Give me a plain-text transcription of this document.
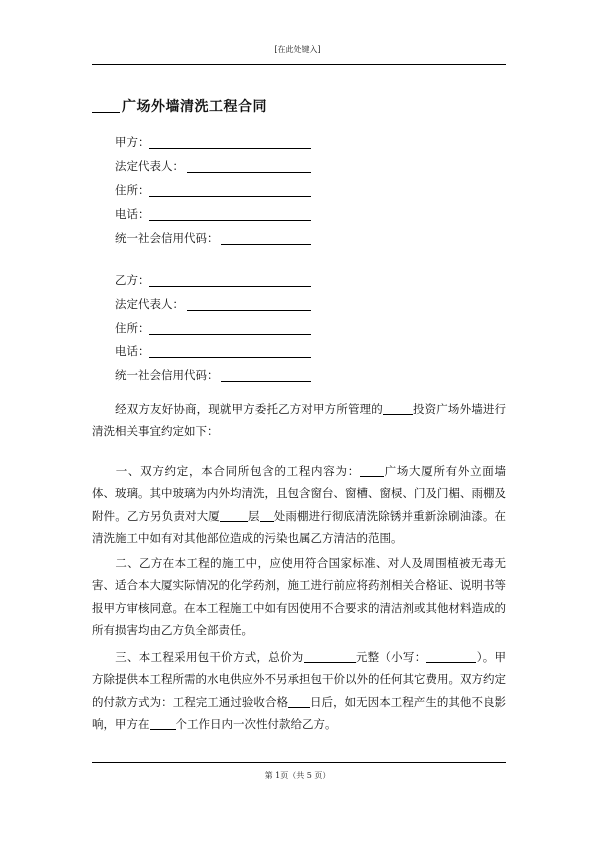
[在此处键入]
广场外墙清洗工程合同
甲方：
法定代表人：
住所：
电话：
统一社会信用代码：
乙方：
法定代表人：
住所：
电话：
统一社会信用代码：
经双方友好协商，现就甲方委托乙方对甲方所管理的	投资广场外墙进行清洗相关事宜约定如下：
一、双方约定，本合同所包含的工程内容为： 广场大厦所有外立面墙体、玻璃。其中玻璃为内外均清洗，且包含窗台、窗槽、窗棂、门及门楣、雨棚及附件。乙方另负责对大厦 层 处雨棚进行彻底清洗除锈并重新涂刷油漆。在清洗施工中如有对其他部位造成的污染也属乙方清洁的范围。
二、乙方在本工程的施工中，应使用符合国家标准、对人及周围植被无毒无害、适合本大厦实际情况的化学药剂，施工进行前应将药剂相关合格证、说明书等报甲方审核同意。在本工程施工中如有因使用不合要求的清洁剂或其他材料造成的所有损害均由乙方负全部责任。
三、本工程采用包干价方式，总价为	元整（小写：	）。甲方除提供本工程所需的水电供应外不另承担包干价以外的任何其它费用。双方约定的付款方式为：工程完工通过验收合格 日后，如无因本工程产生的其他不良影响，甲方在 个工作日内一次性付款给乙方。
第 1页（共 5 页）
